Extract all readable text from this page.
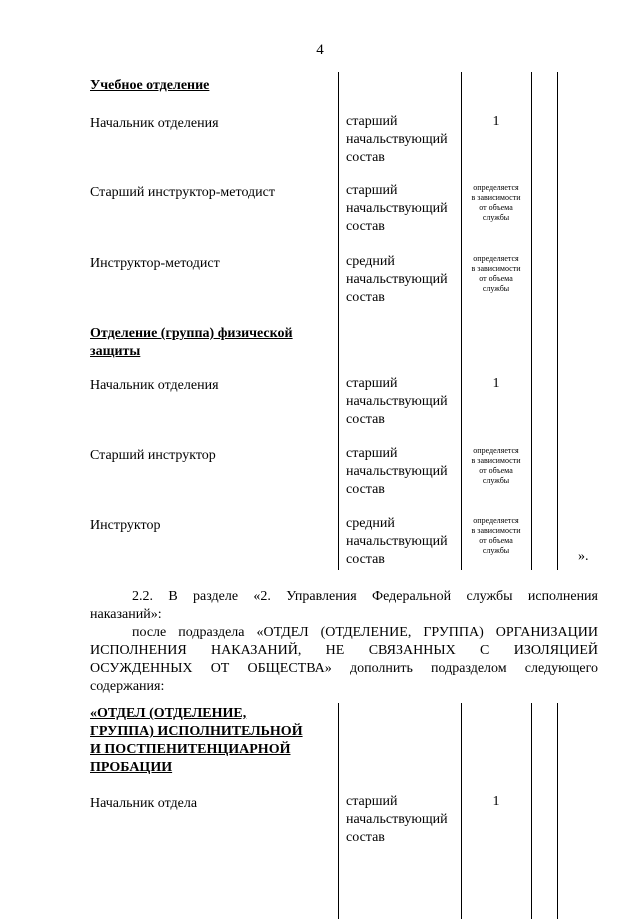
4
Учебное отделение
Начальник отделения	старший
начальствующий
состав
1
Старший инструктор-методист	старший
начальствующий
состав
определяется
в зависимости
от объема
службы
Инструктор-методист	средний
начальствующий
состав
определяется
в зависимости
от объема
службы
Отделение (группа) физической
защиты
Начальник отделения	старший
начальствующий
состав
1
Старший инструктор	старший
начальствующий
состав
определяется
в зависимости
от объема
службы
Инструктор	средний
начальствующий
состав
определяется
в зависимости
от объема
службы	».
2.2. В разделе «2. Управления Федеральной службы исполнения
наказаний»:
после подраздела «ОТДЕЛ (ОТДЕЛЕНИЕ, ГРУППА) ОРГАНИЗАЦИИ
ИСПОЛНЕНИЯ НАКАЗАНИЙ, НЕ СВЯЗАННЫХ С ИЗОЛЯЦИЕЙ
ОСУЖДЕННЫХ ОТ ОБЩЕСТВА» дополнить подразделом следующего
содержания:
«ОТДЕЛ (ОТДЕЛЕНИЕ,
ГРУППА) ИСПОЛНИТЕЛЬНОЙ
И ПОСТПЕНИТЕНЦИАРНОЙ
ПРОБАЦИИ
Начальник отдела	старший
начальствующий
состав
1
